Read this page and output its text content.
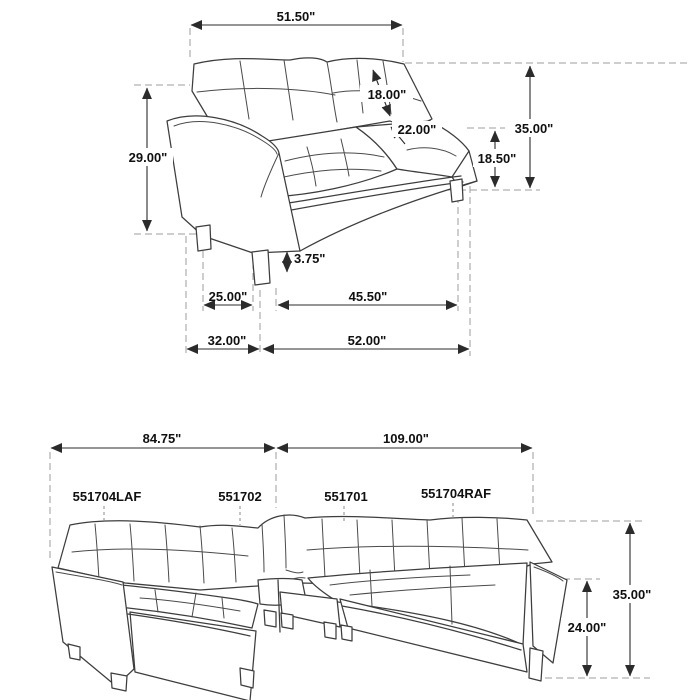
51.50"
18.00"
22.00"	35.00"
18.50"
29.00"
3.75"
25.00"	45.50"
32.00"	52.00"
551704LAF	551702	551701	551704RAF
84.75"	109.00"
35.00"
24.00"
